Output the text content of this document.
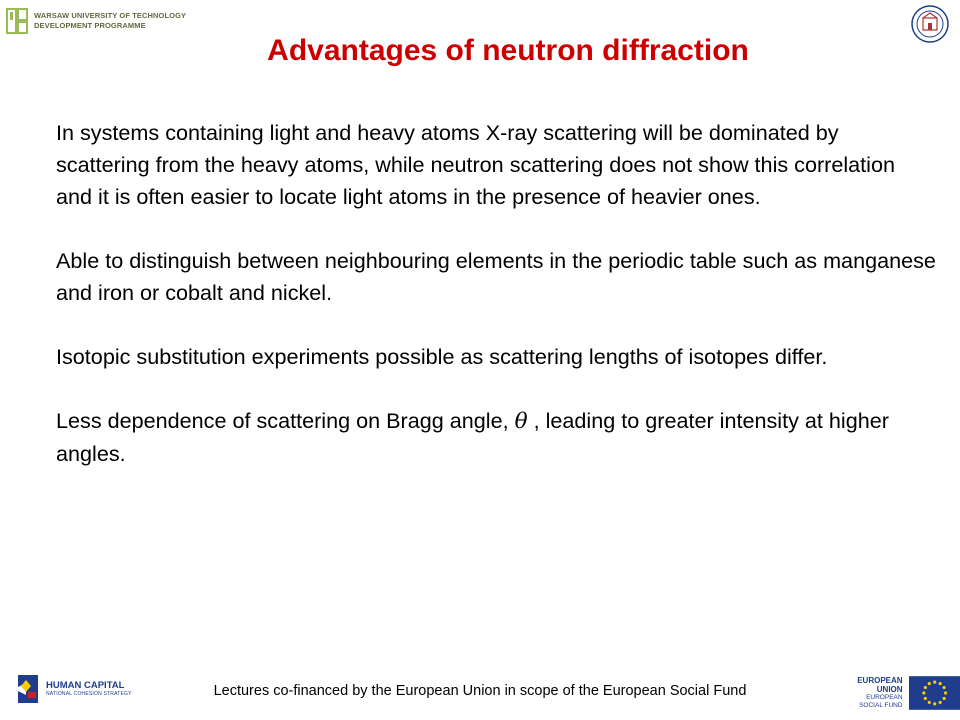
WARSAW UNIVERSITY OF TECHNOLOGY
DEVELOPMENT PROGRAMME
Advantages of neutron diffraction

In systems containing light and heavy atoms X-ray scattering will be dominated by scattering from the heavy atoms, while neutron scattering does not show this correlation and it is often easier to locate light atoms in the presence of heavier ones.

Able to distinguish between neighbouring elements in the periodic table such as manganese and iron or cobalt and nickel.

Isotopic substitution experiments possible as scattering lengths of isotopes differ.

Less dependence of scattering on Bragg angle, θ , leading to greater intensity at higher angles.

HUMAN CAPITAL
NATIONAL COHESION STRATEGY	Lectures co-financed by the European Union in scope of the European Social Fund
EUROPEAN UNION
EUROPEAN
SOCIAL FUND
